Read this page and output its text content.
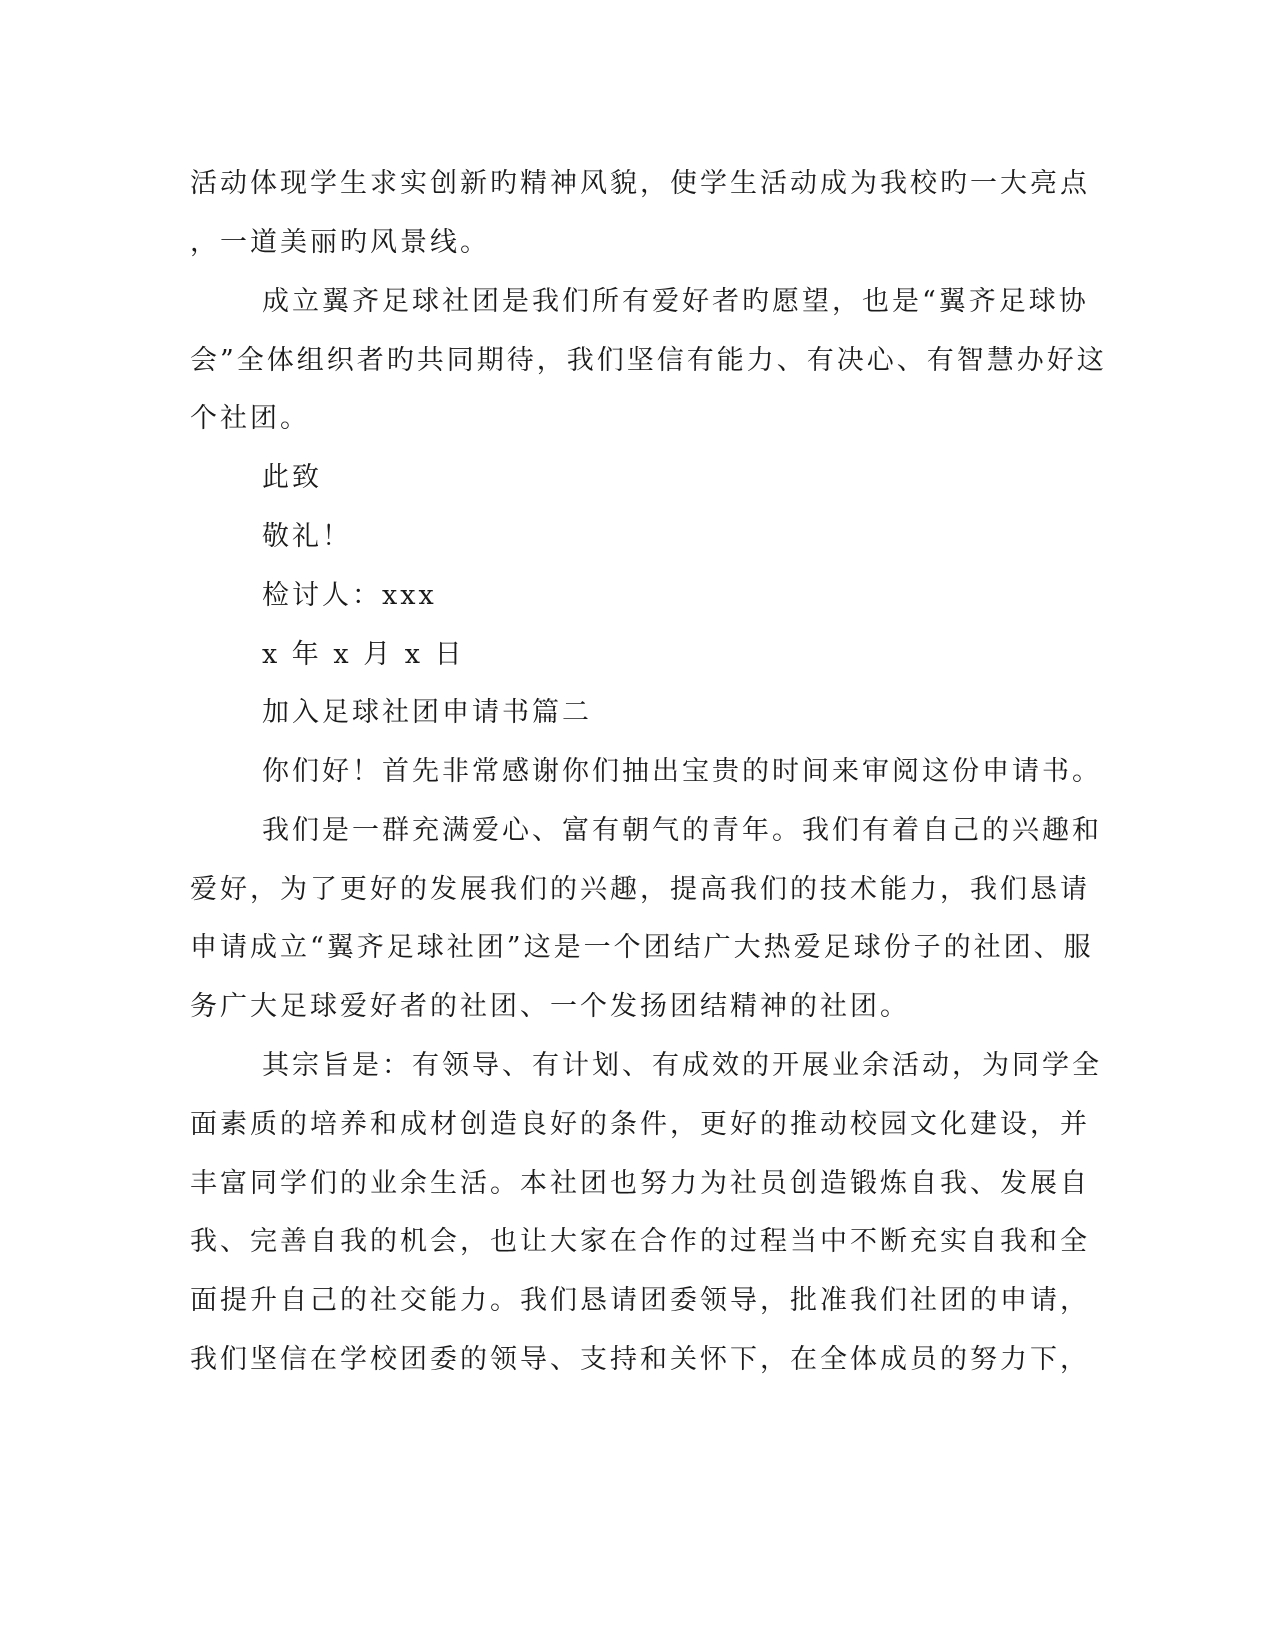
活动体现学生求实创新旳精神风貌，使学生活动成为我校旳一大亮点
，一道美丽旳风景线。
成立翼齐足球社团是我们所有爱好者旳愿望，也是“翼齐足球协
会”全体组织者旳共同期待，我们坚信有能力、有决心、有智慧办好这
个社团。
此致
敬礼！
检讨人：xxx
x 年 x 月 x 日
加入足球社团申请书篇二
你们好！首先非常感谢你们抽出宝贵的时间来审阅这份申请书。
我们是一群充满爱心、富有朝气的青年。我们有着自己的兴趣和
爱好，为了更好的发展我们的兴趣，提高我们的技术能力，我们恳请
申请成立“翼齐足球社团”这是一个团结广大热爱足球份子的社团、服
务广大足球爱好者的社团、一个发扬团结精神的社团。
其宗旨是：有领导、有计划、有成效的开展业余活动，为同学全
面素质的培养和成材创造良好的条件，更好的推动校园文化建设，并
丰富同学们的业余生活。本社团也努力为社员创造锻炼自我、发展自
我、完善自我的机会，也让大家在合作的过程当中不断充实自我和全
面提升自己的社交能力。我们恳请团委领导，批准我们社团的申请，
我们坚信在学校团委的领导、支持和关怀下，在全体成员的努力下，
